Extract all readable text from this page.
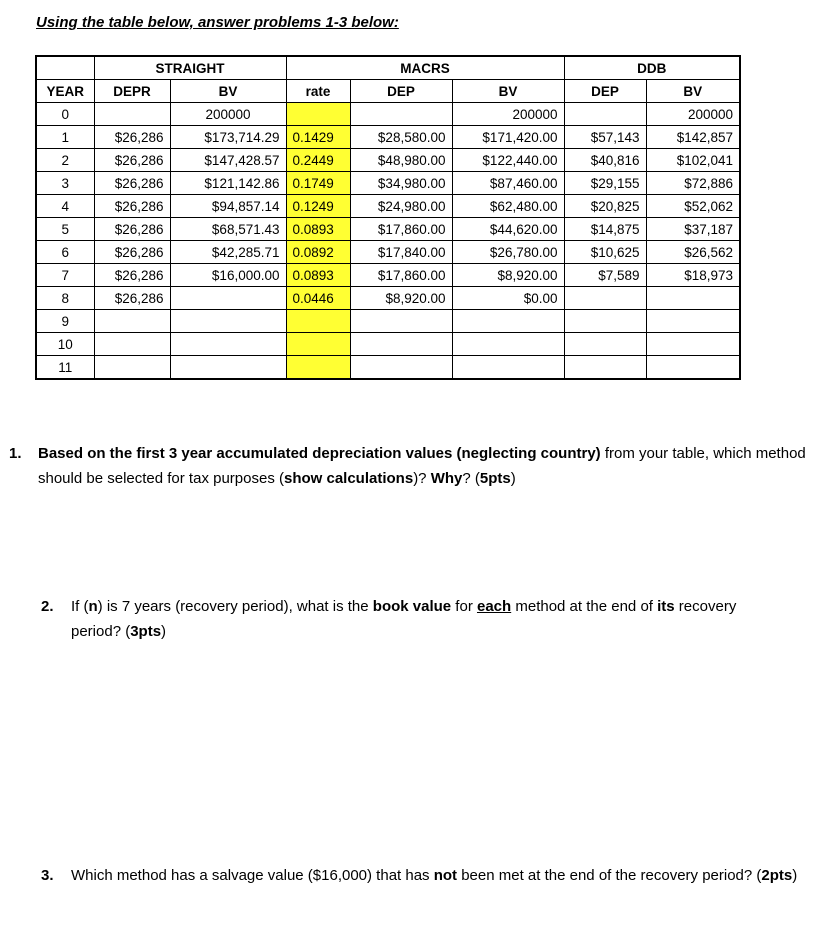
Using the table below, answer problems 1-3 below:
	STRAIGHT		MACRS			DDB	
YEAR	DEPR	BV	rate	DEP	BV	DEP	BV
0		200000			200000		200000
1	$26,286	$173,714.29	0.1429	$28,580.00	$171,420.00	$57,143	$142,857
2	$26,286	$147,428.57	0.2449	$48,980.00	$122,440.00	$40,816	$102,041
3	$26,286	$121,142.86	0.1749	$34,980.00	$87,460.00	$29,155	$72,886
4	$26,286	$94,857.14	0.1249	$24,980.00	$62,480.00	$20,825	$52,062
5	$26,286	$68,571.43	0.0893	$17,860.00	$44,620.00	$14,875	$37,187
6	$26,286	$42,285.71	0.0892	$17,840.00	$26,780.00	$10,625	$26,562
7	$26,286	$16,000.00	0.0893	$17,860.00	$8,920.00	$7,589	$18,973
8	$26,286		0.0446	$8,920.00	$0.00		
9							
10							
11							
1.	Based on the first 3 year accumulated depreciation values (neglecting country) from your table, which method should be selected for tax purposes (show calculations)? Why? (5pts)
2.	If (n) is 7 years (recovery period), what is the book value for each method at the end of its recovery period? (3pts)
3.	Which method has a salvage value ($16,000) that has not been met at the end of the recovery period? (2pts)
